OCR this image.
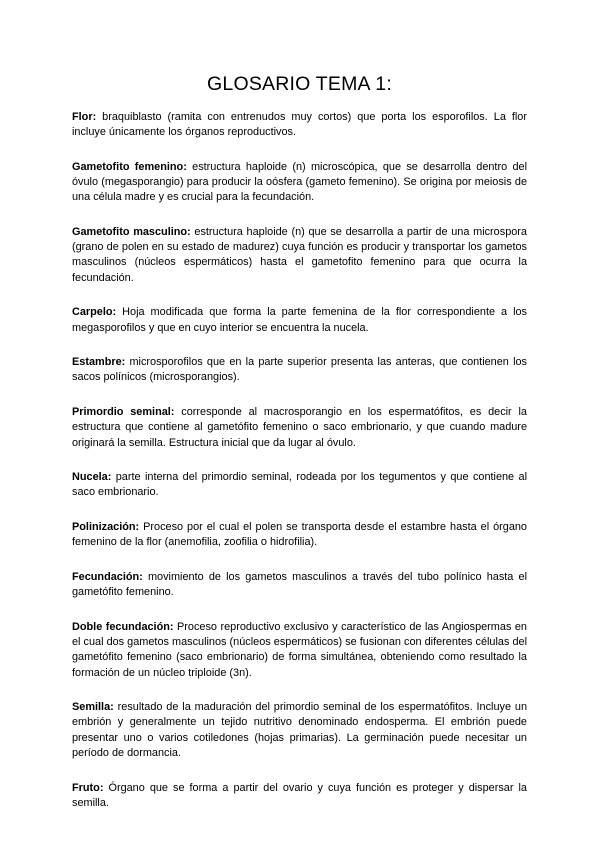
GLOSARIO TEMA 1:

Flor: braquiblasto (ramita con entrenudos muy cortos) que porta los esporofilos. La flor incluye únicamente los órganos reproductivos.

Gametofito femenino: estructura haploide (n) microscópica, que se desarrolla dentro del óvulo (megasporangio) para producir la oósfera (gameto femenino). Se origina por meiosis de una célula madre y es crucial para la fecundación.

Gametofito masculino: estructura haploide (n) que se desarrolla a partir de una microspora (grano de polen en su estado de madurez) cuya función es producir y transportar los gametos masculinos (núcleos espermáticos) hasta el gametofito femenino para que ocurra la fecundación.

Carpelo: Hoja modificada que forma la parte femenina de la flor correspondiente a los megasporofilos y que en cuyo interior se encuentra la nucela.

Estambre: microsporofilos que en la parte superior presenta las anteras, que contienen los sacos polínicos (microsporangios).

Primordio seminal: corresponde al macrosporangio en los espermatófitos, es decir la estructura que contiene al gametófito femenino o saco embrionario, y que cuando madure originará la semilla. Estructura inicial que da lugar al óvulo.

Nucela: parte interna del primordio seminal, rodeada por los tegumentos y que contiene al saco embrionario.

Polinización: Proceso por el cual el polen se transporta desde el estambre hasta el órgano femenino de la flor (anemofilia, zoofilia o hidrofilia).

Fecundación: movimiento de los gametos masculinos a través del tubo polínico hasta el gametófito femenino.

Doble fecundación: Proceso reproductivo exclusivo y característico de las Angiospermas en el cual dos gametos masculinos (núcleos espermáticos) se fusionan con diferentes células del gametófito femenino (saco embrionario) de forma simultánea, obteniendo como resultado la formación de un núcleo triploide (3n).

Semilla: resultado de la maduración del primordio seminal de los espermatófitos. Incluye un embrión y generalmente un tejido nutritivo denominado endosperma. El embrión puede presentar uno o varios cotiledones (hojas primarias). La germinación puede necesitar un período de dormancia.

Fruto: Órgano que se forma a partir del ovario y cuya función es proteger y dispersar la semilla.
